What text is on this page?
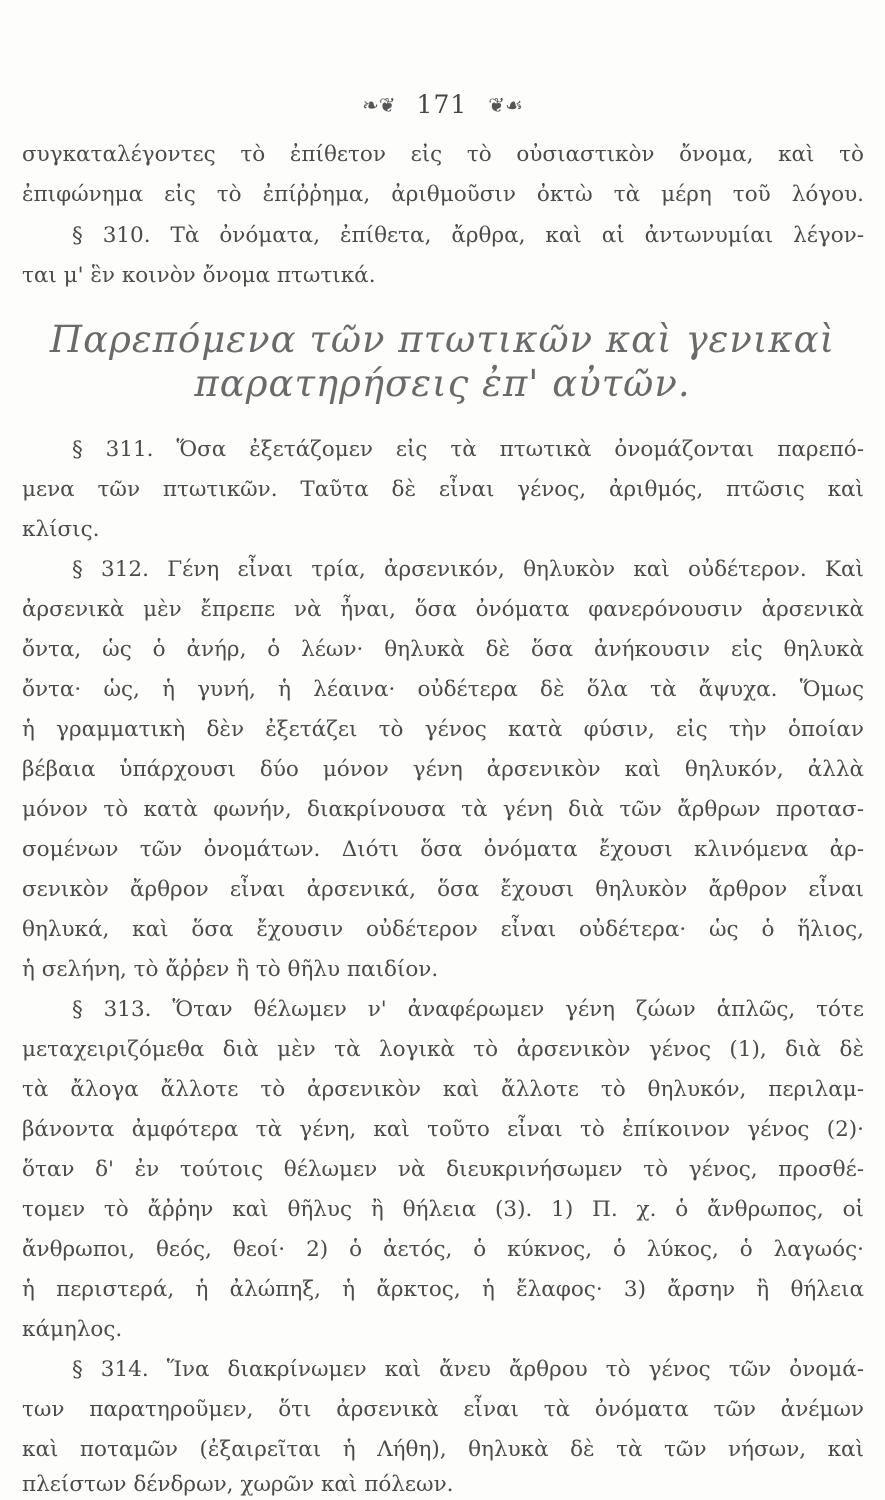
❧❦ 171 ❦☙
συγκαταλέγοντες τὸ ἐπίθετον εἰς τὸ οὐσιαστικὸν ὄνομα, καὶ τὸ
ἐπιφώνημα εἰς τὸ ἐπίῤῥημα, ἀριθμοῦσιν ὀκτὼ τὰ μέρη τοῦ λόγου.
§ 310. Τὰ ὀνόματα, ἐπίθετα, ἄρθρα, καὶ αἱ ἀντωνυμίαι λέγον-
ται μ' ἓν κοινὸν ὄνομα πτωτικά.
Παρεπόμενα τῶν πτωτικῶν καὶ γενικαὶ
παρατηρήσεις ἐπ' αὐτῶν.
§ 311. Ὅσα ἐξετάζομεν εἰς τὰ πτωτικὰ ὀνομάζονται παρεπό-
μενα τῶν πτωτικῶν. Ταῦτα δὲ εἶναι γένος, ἀριθμός, πτῶσις καὶ
κλίσις.
§ 312. Γένη εἶναι τρία, ἀρσενικόν, θηλυκὸν καὶ οὐδέτερον. Καὶ
ἀρσενικὰ μὲν ἔπρεπε νὰ ἦναι, ὅσα ὀνόματα φανερόνουσιν ἀρσενικὰ
ὄντα, ὡς ὁ ἀνήρ, ὁ λέων· θηλυκὰ δὲ ὅσα ἀνήκουσιν εἰς θηλυκὰ
ὄντα· ὡς, ἡ γυνή, ἡ λέαινα· οὐδέτερα δὲ ὅλα τὰ ἄψυχα. Ὅμως
ἡ γραμματικὴ δὲν ἐξετάζει τὸ γένος κατὰ φύσιν, εἰς τὴν ὁποίαν
βέβαια ὑπάρχουσι δύο μόνον γένη ἀρσενικὸν καὶ θηλυκόν, ἀλλὰ
μόνον τὸ κατὰ φωνήν, διακρίνουσα τὰ γένη διὰ τῶν ἄρθρων προτασ-
σομένων τῶν ὀνομάτων. Διότι ὅσα ὀνόματα ἔχουσι κλινόμενα ἀρ-
σενικὸν ἄρθρον εἶναι ἀρσενικά, ὅσα ἔχουσι θηλυκὸν ἄρθρον εἶναι
θηλυκά, καὶ ὅσα ἔχουσιν οὐδέτερον εἶναι οὐδέτερα· ὡς ὁ ἥλιος,
ἡ σελήνη, τὸ ἄῤῥεν ἢ τὸ θῆλυ παιδίον.
§ 313. Ὅταν θέλωμεν ν' ἀναφέρωμεν γένη ζώων ἁπλῶς, τότε
μεταχειριζόμεθα διὰ μὲν τὰ λογικὰ τὸ ἀρσενικὸν γένος (1), διὰ δὲ
τὰ ἄλογα ἄλλοτε τὸ ἀρσενικὸν καὶ ἄλλοτε τὸ θηλυκόν, περιλαμ-
βάνοντα ἀμφότερα τὰ γένη, καὶ τοῦτο εἶναι τὸ ἐπίκοινον γένος (2)·
ὅταν δ' ἐν τούτοις θέλωμεν νὰ διευκρινήσωμεν τὸ γένος, προσθέ-
τομεν τὸ ἄῤῥην καὶ θῆλυς ἢ θήλεια (3). 1) Π. χ. ὁ ἄνθρωπος, οἱ
ἄνθρωποι, θεός, θεοί· 2) ὁ ἀετός, ὁ κύκνος, ὁ λύκος, ὁ λαγωός·
ἡ περιστερά, ἡ ἀλώπηξ, ἡ ἄρκτος, ἡ ἔλαφος· 3) ἄρσην ἢ θήλεια
κάμηλος.
§ 314. Ἵνα διακρίνωμεν καὶ ἄνευ ἄρθρου τὸ γένος τῶν ὀνομά-
των παρατηροῦμεν, ὅτι ἀρσενικὰ εἶναι τὰ ὀνόματα τῶν ἀνέμων
καὶ ποταμῶν (ἐξαιρεῖται ἡ Λήθη), θηλυκὰ δὲ τὰ τῶν νήσων, καὶ
πλείστων δένδρων, χωρῶν καὶ πόλεων.
